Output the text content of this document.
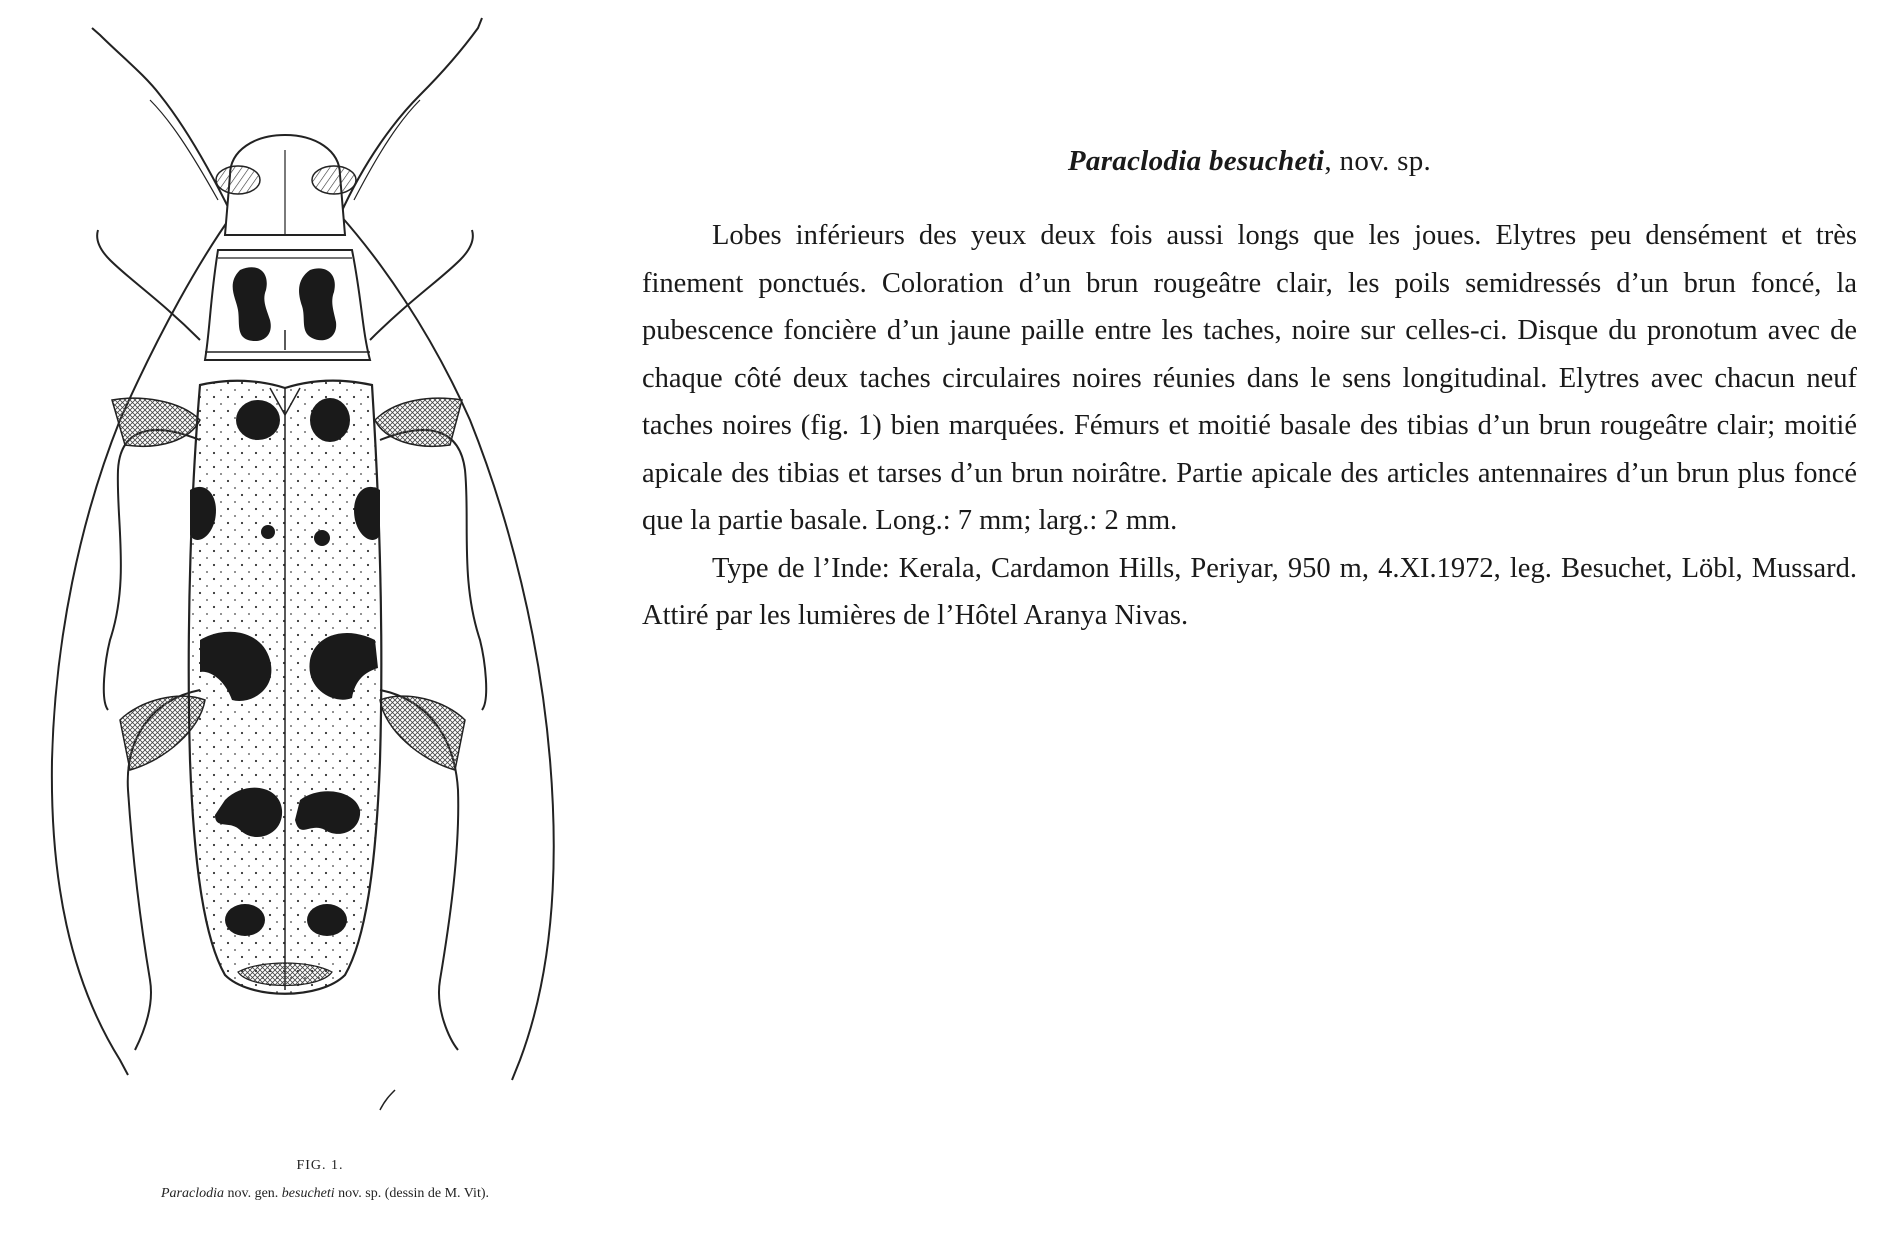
FIG. 1.
Paraclodia nov. gen. besucheti nov. sp. (dessin de M. Vit).
Paraclodia besucheti, nov. sp.

Lobes inférieurs des yeux deux fois aussi longs que les joues. Elytres peu densément et très finement ponctués. Coloration d’un brun rougeâtre clair, les poils semidressés d’un brun foncé, la pubescence foncière d’un jaune paille entre les taches, noire sur celles-ci. Disque du pronotum avec de chaque côté deux taches circulaires noires réunies dans le sens longitudinal. Elytres avec chacun neuf taches noires (fig. 1) bien marquées. Fémurs et moitié basale des tibias d’un brun rougeâtre clair; moitié apicale des tibias et tarses d’un brun noirâtre. Partie apicale des articles antennaires d’un brun plus foncé que la partie basale. Long.: 7 mm; larg.: 2 mm.

Type de l’Inde: Kerala, Cardamon Hills, Periyar, 950 m, 4.XI.1972, leg. Besuchet, Löbl, Mussard. Attiré par les lumières de l’Hôtel Aranya Nivas.
